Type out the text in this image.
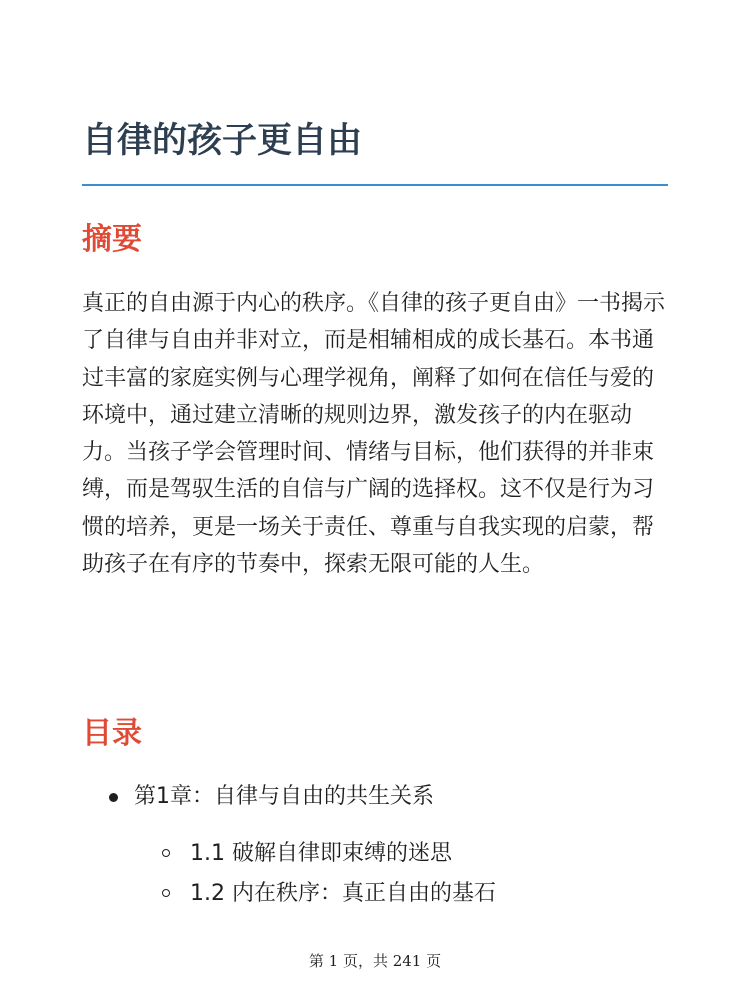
自律的孩子更自由
摘要

真正的自由源于内心的秩序。《自律的孩子更自由》一书揭示了自律与自由并非对立，而是相辅相成的成长基石。本书通过丰富的家庭实例与心理学视角，阐释了如何在信任与爱的环境中，通过建立清晰的规则边界，激发孩子的内在驱动力。当孩子学会管理时间、情绪与目标，他们获得的并非束缚，而是驾驭生活的自信与广阔的选择权。这不仅是行为习惯的培养，更是一场关于责任、尊重与自我实现的启蒙，帮助孩子在有序的节奏中，探索无限可能的人生。

目录
第1章：自律与自由的共生关系
1.1 破解自律即束缚的迷思
1.2 内在秩序：真正自由的基石
第 1 页，共 241 页
